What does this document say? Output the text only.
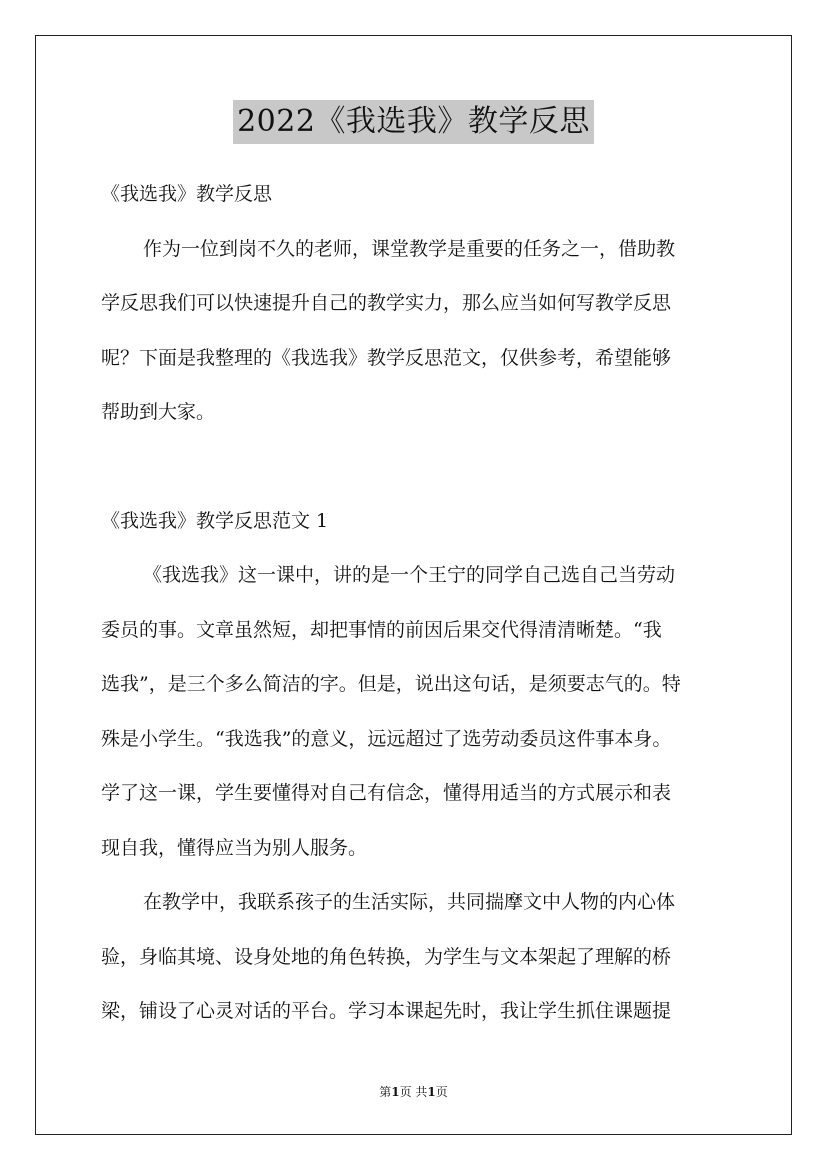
2022《我选我》教学反思
《我选我》教学反思
作为一位到岗不久的老师，课堂教学是重要的任务之一，借助教
学反思我们可以快速提升自己的教学实力，那么应当如何写教学反思
呢？下面是我整理的《我选我》教学反思范文，仅供参考，希望能够
帮助到大家。
《我选我》教学反思范文 1
《我选我》这一课中，讲的是一个王宁的同学自己选自己当劳动
委员的事。文章虽然短，却把事情的前因后果交代得清清晰楚。“我
选我”，是三个多么简洁的字。但是，说出这句话，是须要志气的。特
殊是小学生。“我选我”的意义，远远超过了选劳动委员这件事本身。
学了这一课，学生要懂得对自己有信念，懂得用适当的方式展示和表
现自我，懂得应当为别人服务。
在教学中，我联系孩子的生活实际，共同揣摩文中人物的内心体
验，身临其境、设身处地的角色转换，为学生与文本架起了理解的桥
梁，铺设了心灵对话的平台。学习本课起先时，我让学生抓住课题提
第1页 共1页
